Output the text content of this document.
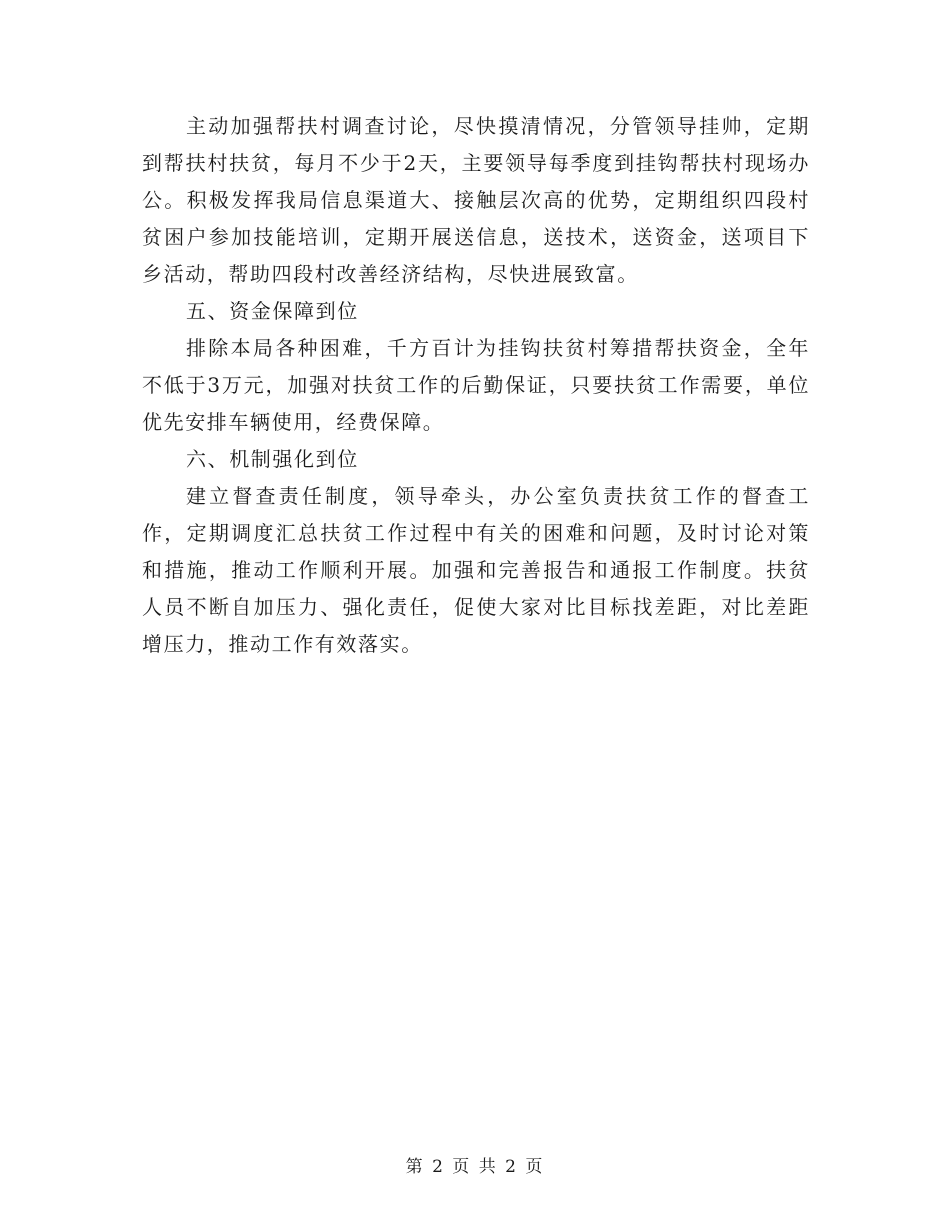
主动加强帮扶村调查讨论，尽快摸清情况，分管领导挂帅，定期到帮扶村扶贫，每月不少于2天，主要领导每季度到挂钩帮扶村现场办公。积极发挥我局信息渠道大、接触层次高的优势，定期组织四段村贫困户参加技能培训，定期开展送信息，送技术，送资金，送项目下乡活动，帮助四段村改善经济结构，尽快进展致富。

五、资金保障到位

排除本局各种困难，千方百计为挂钩扶贫村筹措帮扶资金，全年不低于3万元，加强对扶贫工作的后勤保证，只要扶贫工作需要，单位优先安排车辆使用，经费保障。

六、机制强化到位

建立督查责任制度，领导牵头，办公室负责扶贫工作的督查工作，定期调度汇总扶贫工作过程中有关的困难和问题，及时讨论对策和措施，推动工作顺利开展。加强和完善报告和通报工作制度。扶贫人员不断自加压力、强化责任，促使大家对比目标找差距，对比差距增压力，推动工作有效落实。

第 2 页 共 2 页
